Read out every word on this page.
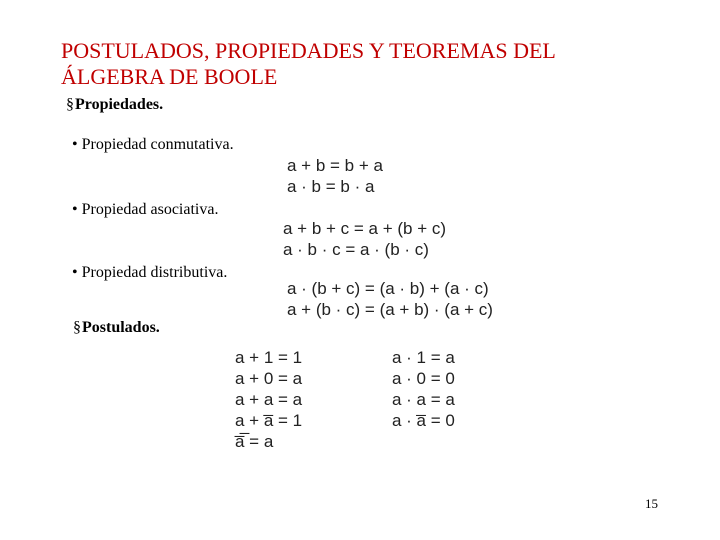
POSTULADOS, PROPIEDADES Y TEOREMAS DEL
ÁLGEBRA DE BOOLE
§Propiedades.
• Propiedad conmutativa.
a + b = b + a
a · b = b · a
• Propiedad asociativa.
a + b + c = a + (b + c)
a · b · c = a · (b · c)
• Propiedad distributiva.
a · (b + c) = (a · b) + (a · c)
a + (b · c) = (a + b) · (a + c)
§Postulados.
a + 1 = 1
a + 0 = a
a + a = a
a + a̅ = 1
a̅̅ = a
a · 1 = a
a · 0 = 0
a · a = a
a · a̅ = 0
15
